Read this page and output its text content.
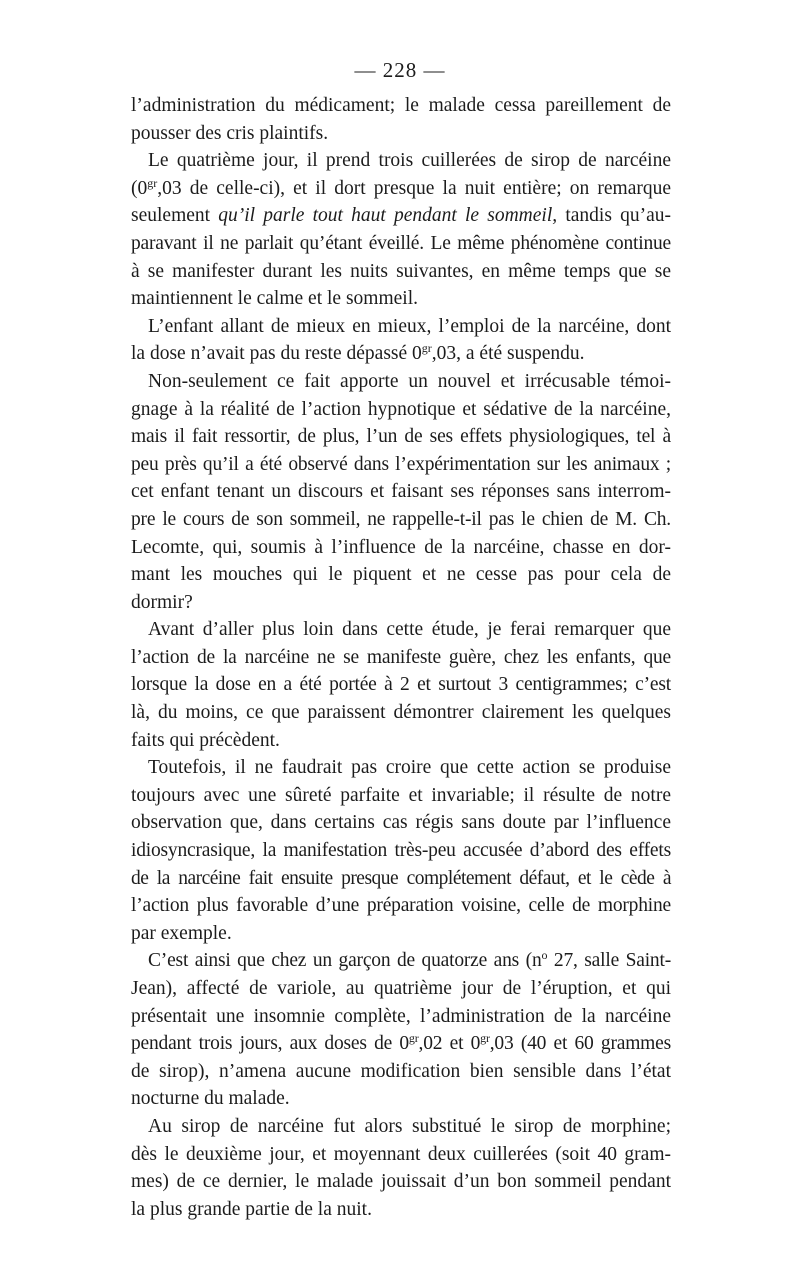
— 228 —
l’administration du médicament; le malade cessa pareillement de
pousser des cris plaintifs.
Le quatrième jour, il prend trois cuillerées de sirop de narcéine
($0^{gr},03$ de celle-ci), et il dort presque la nuit entière; on remarque
seulement qu’il parle tout haut pendant le sommeil, tandis qu’au-
paravant il ne parlait qu’étant éveillé. Le même phénomène continue
à se manifester durant les nuits suivantes, en même temps que se
maintiennent le calme et le sommeil.
L’enfant allant de mieux en mieux, l’emploi de la narcéine, dont
la dose n’avait pas du reste dépassé $0^{gr},03$, a été suspendu.
Non-seulement ce fait apporte un nouvel et irrécusable témoi-
gnage à la réalité de l’action hypnotique et sédative de la narcéine,
mais il fait ressortir, de plus, l’un de ses effets physiologiques, tel à
peu près qu’il a été observé dans l’expérimentation sur les animaux ;
cet enfant tenant un discours et faisant ses réponses sans interrom-
pre le cours de son sommeil, ne rappelle-t-il pas le chien de M. Ch.
Lecomte, qui, soumis à l’influence de la narcéine, chasse en dor-
mant les mouches qui le piquent et ne cesse pas pour cela de
dormir?
Avant d’aller plus loin dans cette étude, je ferai remarquer que
l’action de la narcéine ne se manifeste guère, chez les enfants, que
lorsque la dose en a été portée à 2 et surtout 3 centigrammes; c’est
là, du moins, ce que paraissent démontrer clairement les quelques
faits qui précèdent.
Toutefois, il ne faudrait pas croire que cette action se produise
toujours avec une sûreté parfaite et invariable; il résulte de notre
observation que, dans certains cas régis sans doute par l’influence
idiosyncrasique, la manifestation très-peu accusée d’abord des effets
de la narcéine fait ensuite presque complétement défaut, et le cède à
l’action plus favorable d’une préparation voisine, celle de morphine
par exemple.
C’est ainsi que chez un garçon de quatorze ans ($n^o$ 27, salle Saint-
Jean), affecté de variole, au quatrième jour de l’éruption, et qui
présentait une insomnie complète, l’administration de la narcéine
pendant trois jours, aux doses de $0^{gr},02$ et $0^{gr},03$ (40 et 60 grammes
de sirop), n’amena aucune modification bien sensible dans l’état
nocturne du malade.
Au sirop de narcéine fut alors substitué le sirop de morphine;
dès le deuxième jour, et moyennant deux cuillerées (soit 40 gram-
mes) de ce dernier, le malade jouissait d’un bon sommeil pendant
la plus grande partie de la nuit.
